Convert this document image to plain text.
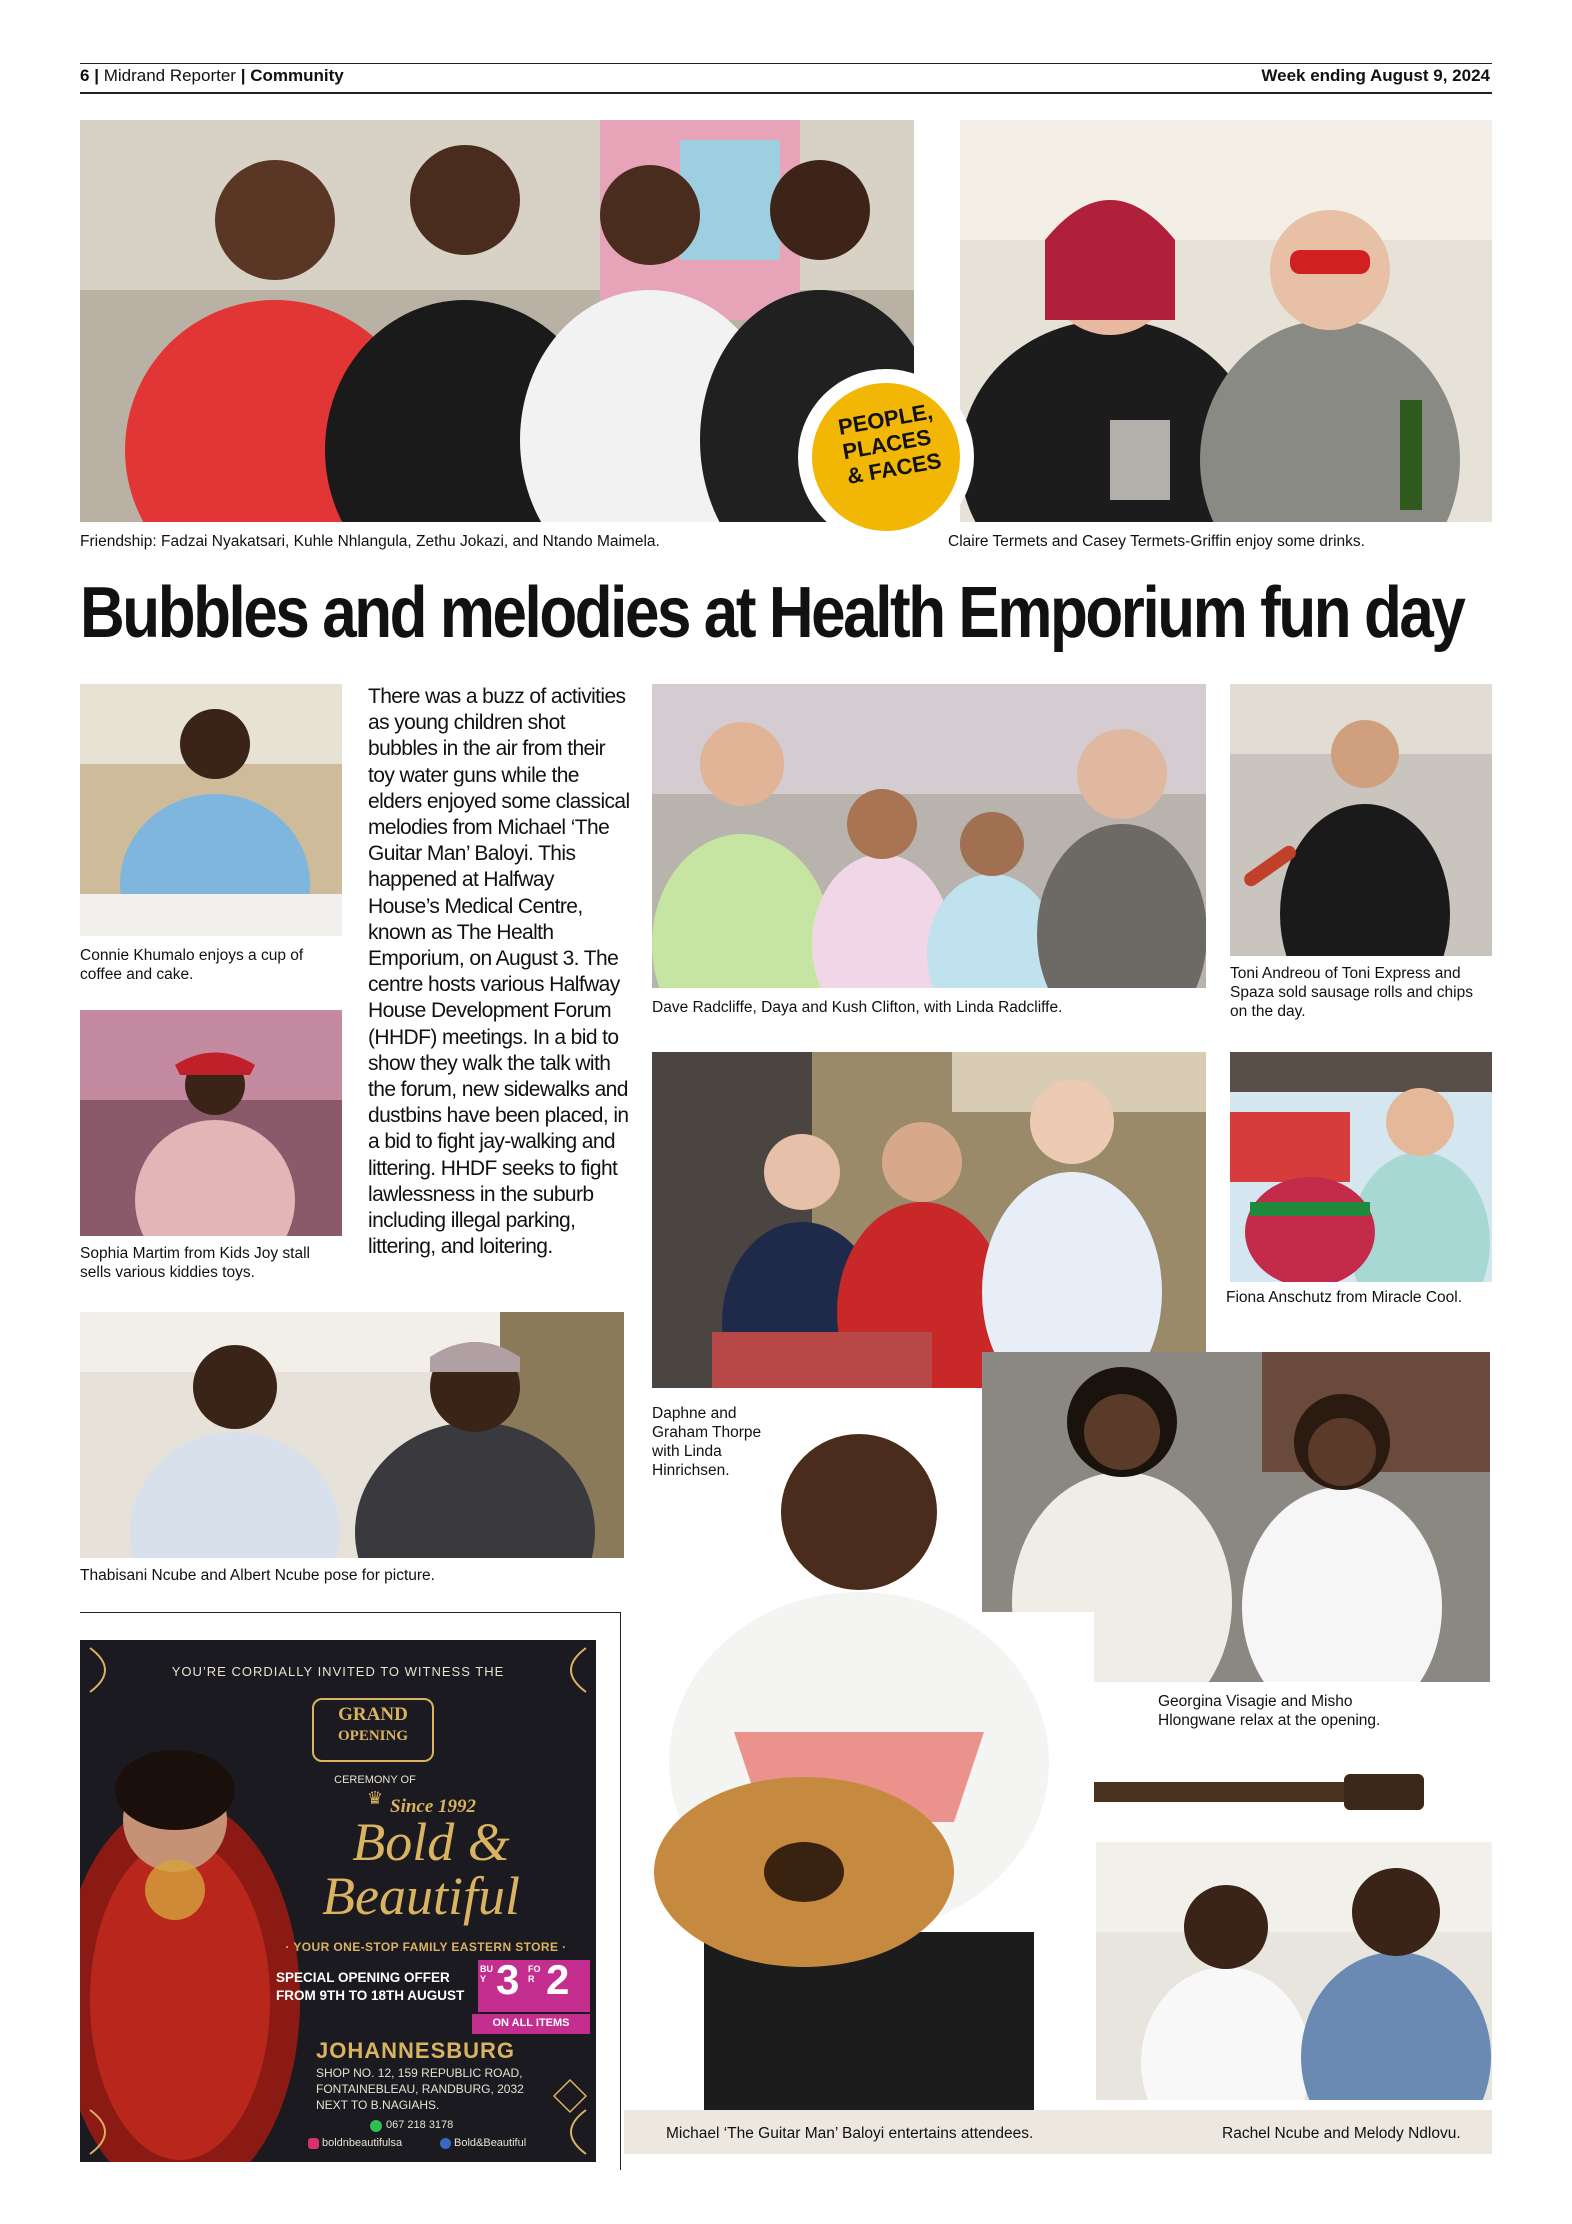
6 | Midrand Reporter | Community	Week ending August 9, 2024
Friendship: Fadzai Nyakatsari, Kuhle Nhlangula, Zethu Jokazi, and Ntando Maimela.	Claire Termets and Casey Termets-Griffin enjoy some drinks.
PEOPLE, PLACES & FACES
Bubbles and melodies at Health Emporium fun day
Connie Khumalo enjoys a cup of coffee and cake.
Sophia Martim from Kids Joy stall sells various kiddies toys.
There was a buzz of activities as young children shot bubbles in the air from their toy water guns while the elders enjoyed some classical melodies from Michael ‘The Guitar Man’ Baloyi. This happened at Halfway House’s Medical Centre, known as The Health Emporium, on August 3. The centre hosts various Halfway House Development Forum (HHDF) meetings. In a bid to show they walk the talk with the forum, new sidewalks and dustbins have been placed, in a bid to fight jay-walking and littering. HHDF seeks to fight lawlessness in the suburb including illegal parking, littering, and loitering.
Dave Radcliffe, Daya and Kush Clifton, with Linda Radcliffe.
Toni Andreou of Toni Express and Spaza sold sausage rolls and chips on the day.
Fiona Anschutz from Miracle Cool.
Daphne and Graham Thorpe with Linda Hinrichsen.
Thabisani Ncube and Albert Ncube pose for picture.
Georgina Visagie and Misho Hlongwane relax at the opening.
Michael ‘The Guitar Man’ Baloyi entertains attendees.	Rachel Ncube and Melody Ndlovu.
YOU’RE CORDIALLY INVITED TO WITNESS THE
GRAND
OPENING
CEREMONY OF
♛ Since 1992
Bold &
Beautiful
· YOUR ONE-STOP FAMILY EASTERN STORE ·
SPECIAL OPENING OFFER
FROM 9TH TO 18TH AUGUST
BUY 3 FOR 2
ON ALL ITEMS
JOHANNESBURG
SHOP NO. 12, 159 REPUBLIC ROAD,
FONTAINEBLEAU, RANDBURG, 2032
NEXT TO B.NAGIAHS.
067 218 3178
boldnbeautifulsa	Bold&Beautiful
